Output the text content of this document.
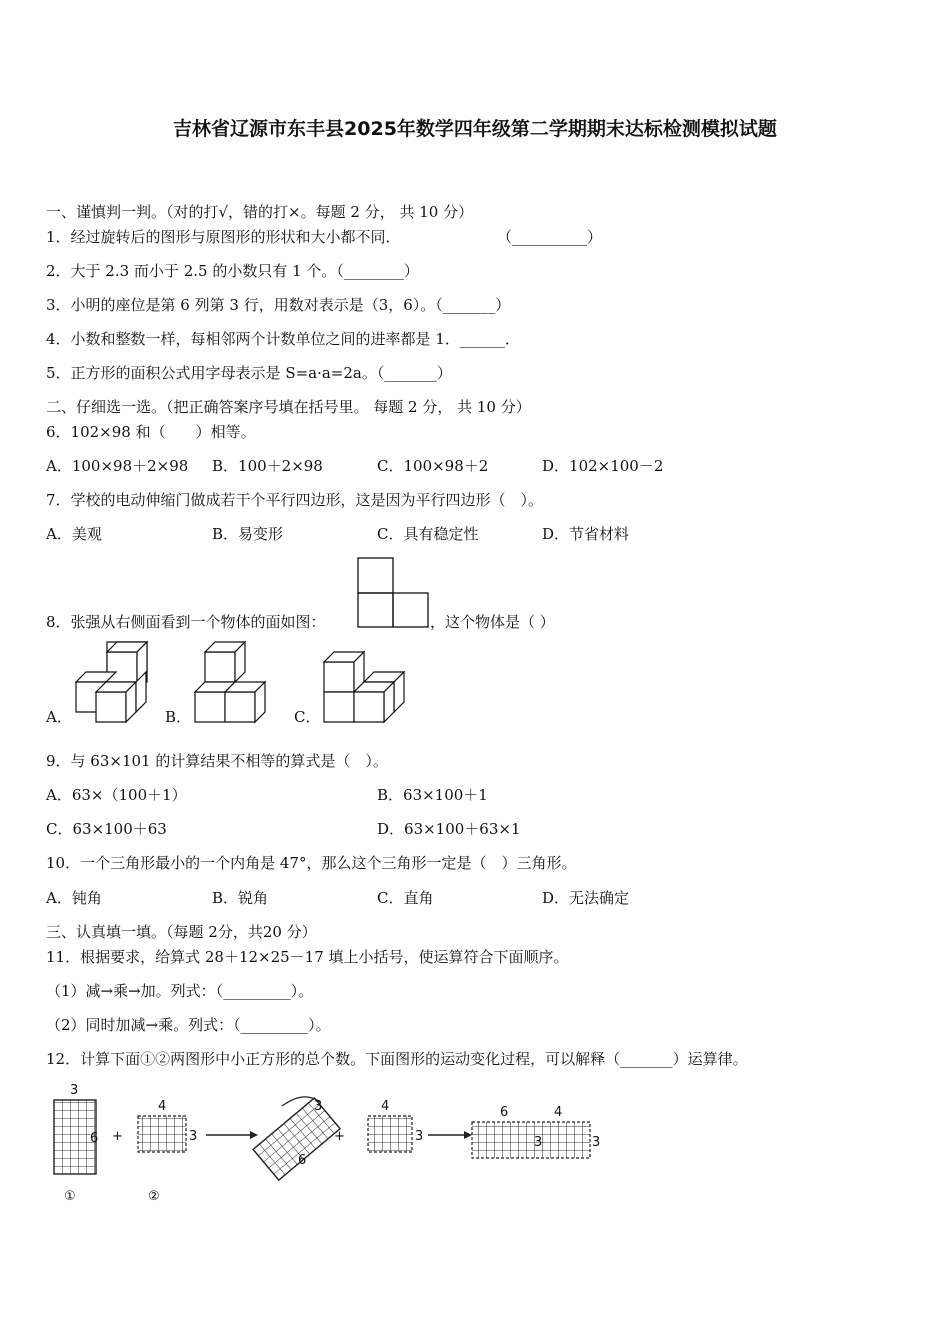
吉林省辽源市东丰县2025年数学四年级第二学期期末达标检测模拟试题
一、谨慎判一判。（对的打√，错的打×。每题 2 分， 共 10 分）
1．经过旋转后的图形与原图形的形状和大小都不同．	（__________）
2．大于 2.3 而小于 2.5 的小数只有 1 个。（________）
3．小明的座位是第 6 列第 3 行，用数对表示是（3，6）。（_______）
4．小数和整数一样，每相邻两个计数单位之间的进率都是 1．______．
5．正方形的面积公式用字母表示是 S=a·a=2a。（_______）
二、仔细选一选。（把正确答案序号填在括号里。 每题 2 分， 共 10 分）
6．102×98 和（　　）相等。
A．100×98＋2×98 B．100＋2×98	C．100×98＋2	D．102×100－2
7．学校的电动伸缩门做成若干个平行四边形，这是因为平行四边形（　）。
A．美观	B．易变形	C．具有稳定性	D．节省材料
8．张强从右侧面看到一个物体的面如图：	，这个物体是（ ）
A．	B．	C．
9．与 63×101 的计算结果不相等的算式是（　）。
A．63×（100＋1）	B．63×100＋1
C．63×100＋63	D．63×100＋63×1
10．一个三角形最小的一个内角是 47°，那么这个三角形一定是（　）三角形。
A．钝角	B．锐角	C．直角	D．无法确定
三、认真填一填。（每题 2分，共20 分）
11．根据要求，给算式 28＋12×25－17 填上小括号，使运算符合下面顺序。
（1）减→乘→加。列式：（_________）。
（2）同时加减→乘。列式：（_________）。
12．计算下面①②两图形中小正方形的总个数。下面图形的运动变化过程，可以解释（_______）运算律。
3
6
①
+
4
3
②
3
6
+
4
3
6	4
3	3
